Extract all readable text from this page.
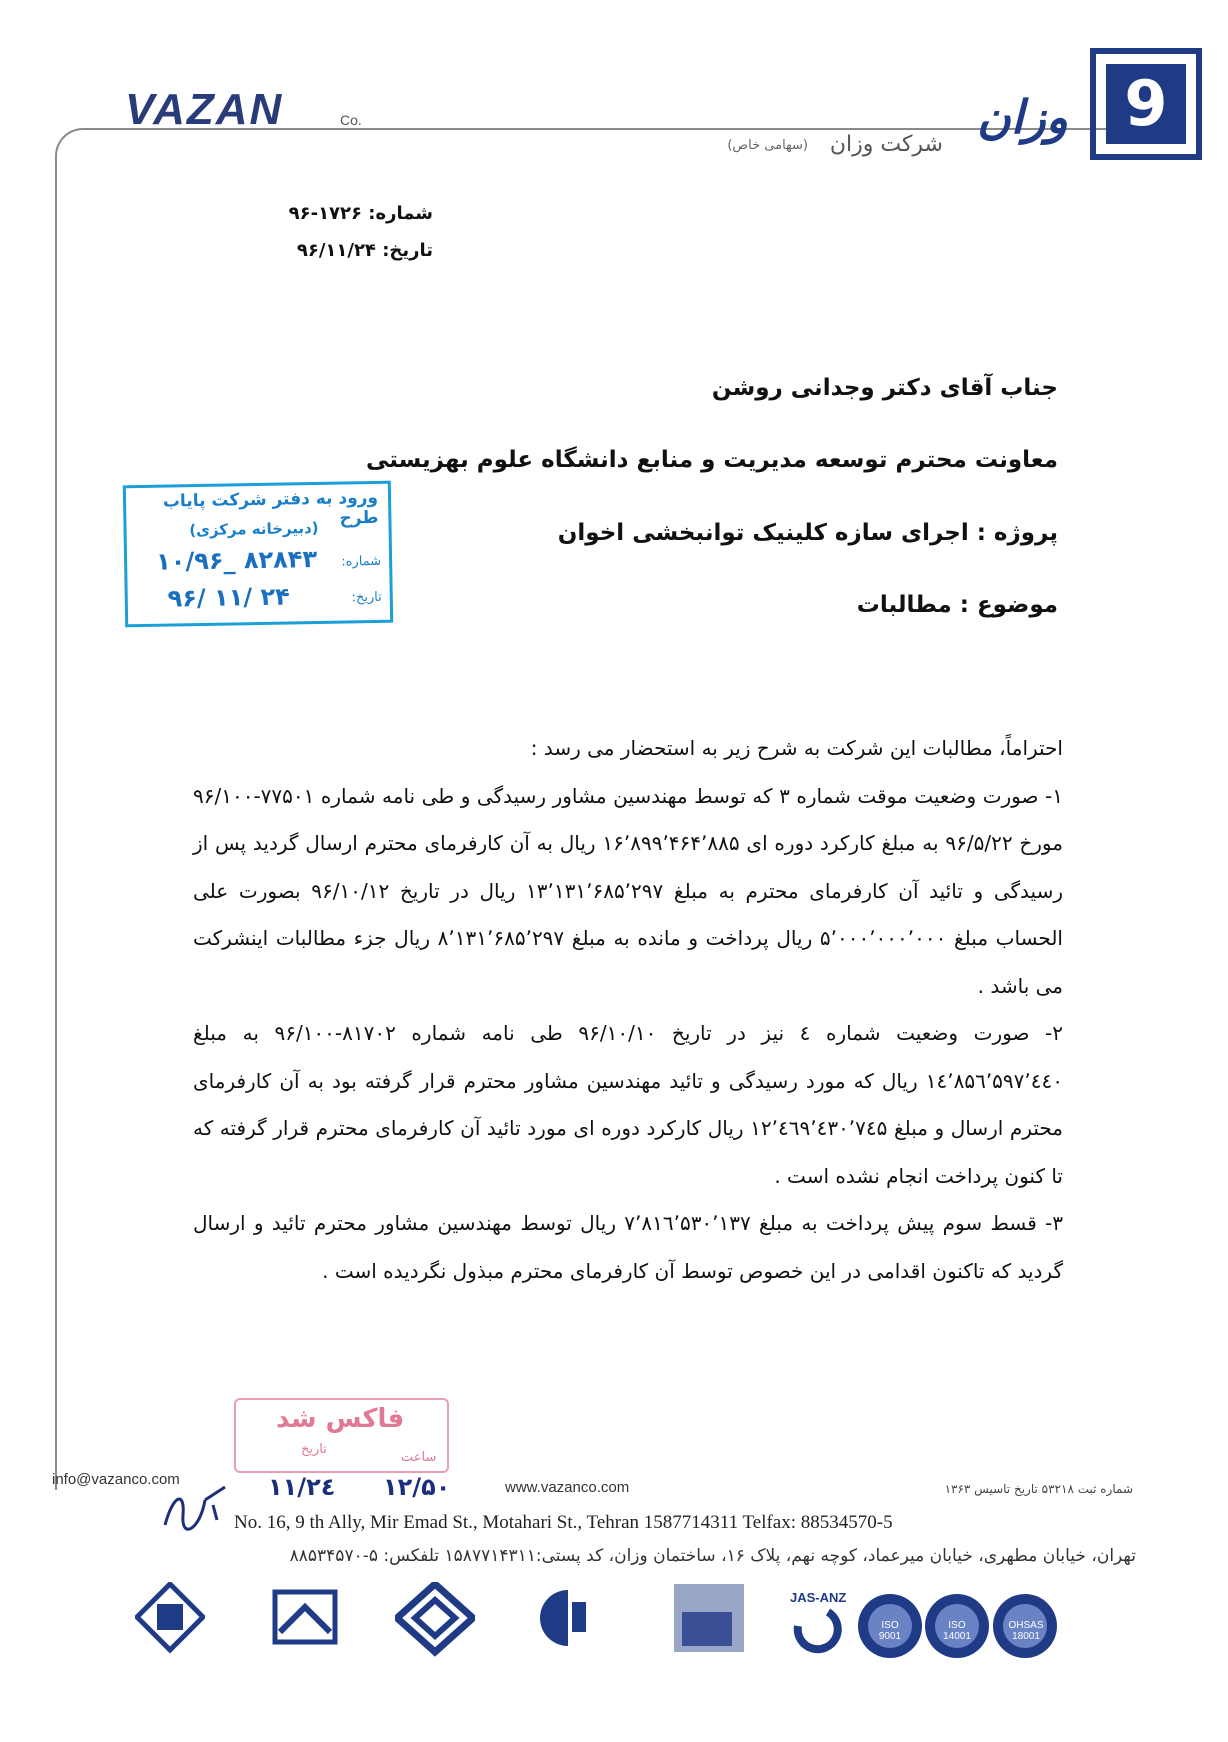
VAZAN	Co.	9
وزان
شرکت وزان
(سهامی خاص)
شماره: ۱۷۲۶-۹۶
تاریخ: ۹۶/۱۱/۲۴
جناب آقای دکتر وجدانی روشن
معاونت محترم توسعه مدیریت و منابع دانشگاه علوم بهزیستی
پروژه : اجرای سازه کلینیک توانبخشی اخوان
موضوع : مطالبات
ورود به دفتر شرکت پایاب طرح
(دبیرخانه مرکزی)
شماره:
۱۰/۹۶_ ۸۲۸۴۳
تاریخ:
۹۶/ ۱۱/ ۲۴

احتراماً، مطالبات این شرکت به شرح زیر به استحضار می رسد :

۱- صورت وضعیت موقت شماره ۳ که توسط مهندسین مشاور رسیدگی و طی نامه شماره ۷۷۵۰۱-۹۶/۱۰۰ مورخ ۹۶/۵/۲۲ به مبلغ کارکرد دوره ای ۱۶٬۸۹۹٬۴۶۴٬۸۸۵ ریال به آن کارفرمای محترم ارسال گردید پس از رسیدگی و تائید آن کارفرمای محترم به مبلغ ۱۳٬۱۳۱٬۶۸۵٬۲۹۷ ریال در تاریخ ۹۶/۱۰/۱۲ بصورت علی الحساب مبلغ ۵٬۰۰۰٬۰۰۰٬۰۰۰ ریال پرداخت و مانده به مبلغ ۸٬۱۳۱٬۶۸۵٬۲۹۷ ریال جزء مطالبات اینشرکت می باشد .

۲- صورت وضعیت شماره ٤ نیز در تاریخ ۹۶/۱۰/۱۰ طی نامه شماره ۸۱۷۰۲-۹۶/۱۰۰ به مبلغ ۱٤٬۸۵٦٬۵۹۷٬٤٤۰ ریال که مورد رسیدگی و تائید مهندسین مشاور محترم قرار گرفته بود به آن کارفرمای محترم ارسال و مبلغ ۱۲٬٤٦۹٬٤۳۰٬۷٤۵ ریال کارکرد دوره ای مورد تائید آن کارفرمای محترم قرار گرفته که تا کنون پرداخت انجام نشده است .

۳- قسط سوم پیش پرداخت به مبلغ ۷٬۸۱٦٬۵۳۰٬۱۳۷ ریال توسط مهندسین مشاور محترم تائید و ارسال گردید که تاکنون اقدامی در این خصوص توسط آن کارفرمای محترم مبذول نگردیده است .

فاکس شد
تاریخ
ساعت
۱۱/۲٤ ۱۲/۵۰
info@vazanco.com	www.vazanco.com	شماره ثبت ۵۳۲۱۸ تاریخ تاسیس ۱۳۶۳
No. 16, 9 th Ally, Mir Emad St., Motahari St., Tehran 1587714311 Telfax: 88534570-5
تهران، خیابان مطهری، خیابان میرعماد، کوچه نهم، پلاک ۱۶، ساختمان وزان، کد پستی:۱۵۸۷۷۱۴۳۱۱ تلفکس: ۵-۸۸۵۳۴۵۷۰
JAS-ANZ
ISO 9001
ISO 14001
OHSAS 18001
